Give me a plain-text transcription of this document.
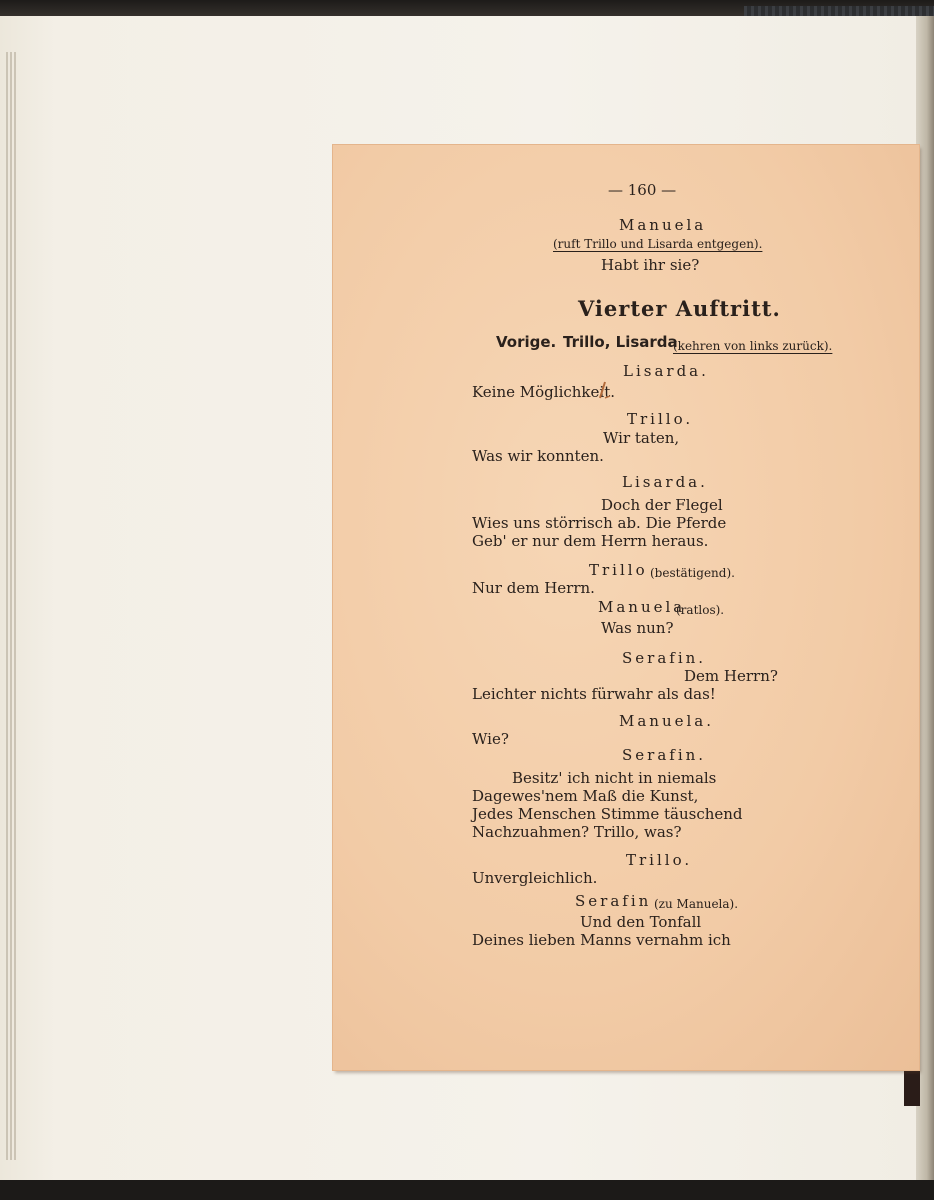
— 160 —
Manuela
(ruft Trillo und Lisarda entgegen).
Habt ihr sie?
Vierter Auftritt.
Vorige. Trillo, Lisarda
(kehren von links zurück).
Lisarda.
Keine Möglichkeit.
Trillo.
Wir taten,
Was wir konnten.
Lisarda.
Doch der Flegel
Wies uns störrisch ab. Die Pferde
Geb' er nur dem Herrn heraus.
Trillo (bestätigend).
Nur dem Herrn.
Manuela
(ratlos).
Was nun?
Serafin.
Dem Herrn?
Leichter nichts fürwahr als das!
Manuela.
Wie?
Serafin.
Besitz' ich nicht in niemals
Dagewes'nem Maß die Kunst,
Jedes Menschen Stimme täuschend
Nachzuahmen? Trillo, was?
Trillo.
Unvergleichlich.
Serafin (zu Manuela).
Und den Tonfall
Deines lieben Manns vernahm ich
